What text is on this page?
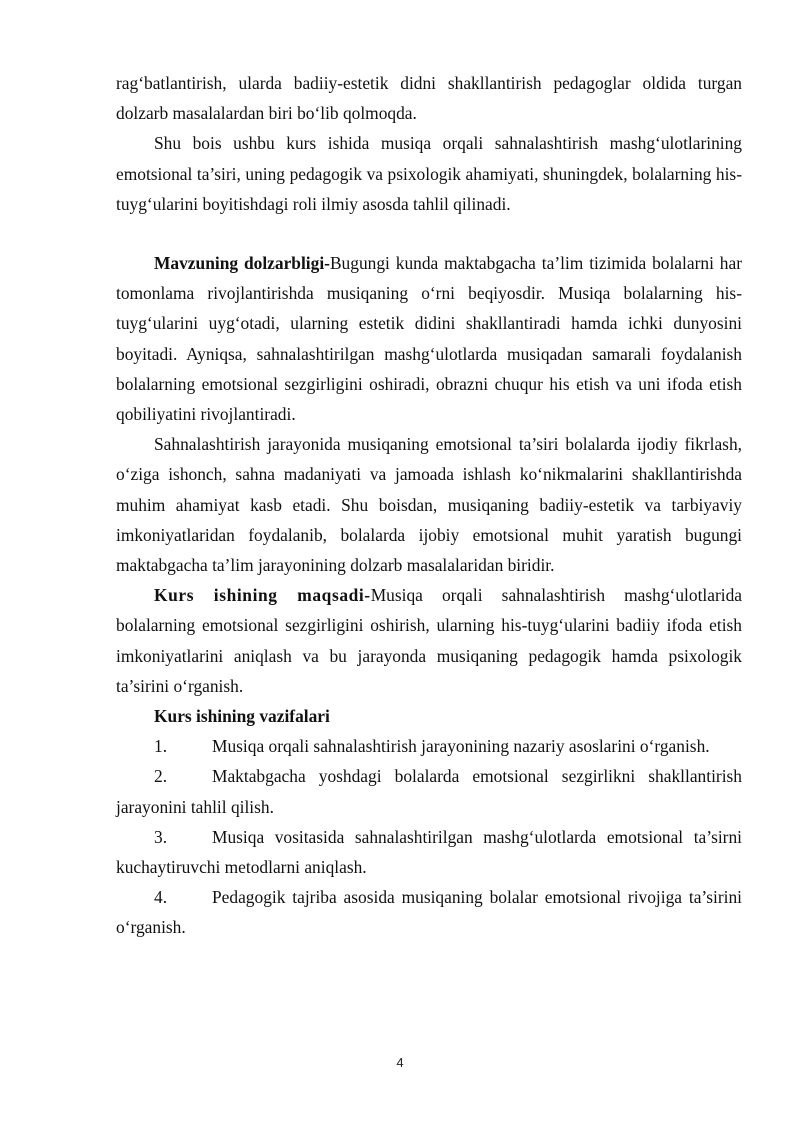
rag‘batlantirish, ularda badiiy-estetik didni shakllantirish pedagoglar oldida turgan dolzarb masalalardan biri bo‘lib qolmoqda.

Shu bois ushbu kurs ishida musiqa orqali sahnalashtirish mashg‘ulotlarining emotsional ta’siri, uning pedagogik va psixologik ahamiyati, shuningdek, bolalarning his-tuyg‘ularini boyitishdagi roli ilmiy asosda tahlil qilinadi.

Mavzuning dolzarbligi-Bugungi kunda maktabgacha ta’lim tizimida bolalarni har tomonlama rivojlantirishda musiqaning o‘rni beqiyosdir. Musiqa bolalarning his-tuyg‘ularini uyg‘otadi, ularning estetik didini shakllantiradi hamda ichki dunyosini boyitadi. Ayniqsa, sahnalashtirilgan mashg‘ulotlarda musiqadan samarali foydalanish bolalarning emotsional sezgirligini oshiradi, obrazni chuqur his etish va uni ifoda etish qobiliyatini rivojlantiradi.

Sahnalashtirish jarayonida musiqaning emotsional ta’siri bolalarda ijodiy fikrlash, o‘ziga ishonch, sahna madaniyati va jamoada ishlash ko‘nikmalarini shakllantirishda muhim ahamiyat kasb etadi. Shu boisdan, musiqaning badiiy-estetik va tarbiyaviy imkoniyatlaridan foydalanib, bolalarda ijobiy emotsional muhit yaratish bugungi maktabgacha ta’lim jarayonining dolzarb masalalaridan biridir.

Kurs ishining maqsadi-Musiqa orqali sahnalashtirish mashg‘ulotlarida bolalarning emotsional sezgirligini oshirish, ularning his-tuyg‘ularini badiiy ifoda etish imkoniyatlarini aniqlash va bu jarayonda musiqaning pedagogik hamda psixologik ta’sirini o‘rganish.

Kurs ishining vazifalari

1.	Musiqa orqali sahnalashtirish jarayonining nazariy asoslarini o‘rganish.

2.	Maktabgacha yoshdagi bolalarda emotsional sezgirlikni shakllantirish jarayonini tahlil qilish.

3.	Musiqa vositasida sahnalashtirilgan mashg‘ulotlarda emotsional ta’sirni kuchaytiruvchi metodlarni aniqlash.

4.	Pedagogik tajriba asosida musiqaning bolalar emotsional rivojiga ta’sirini o‘rganish.

4
